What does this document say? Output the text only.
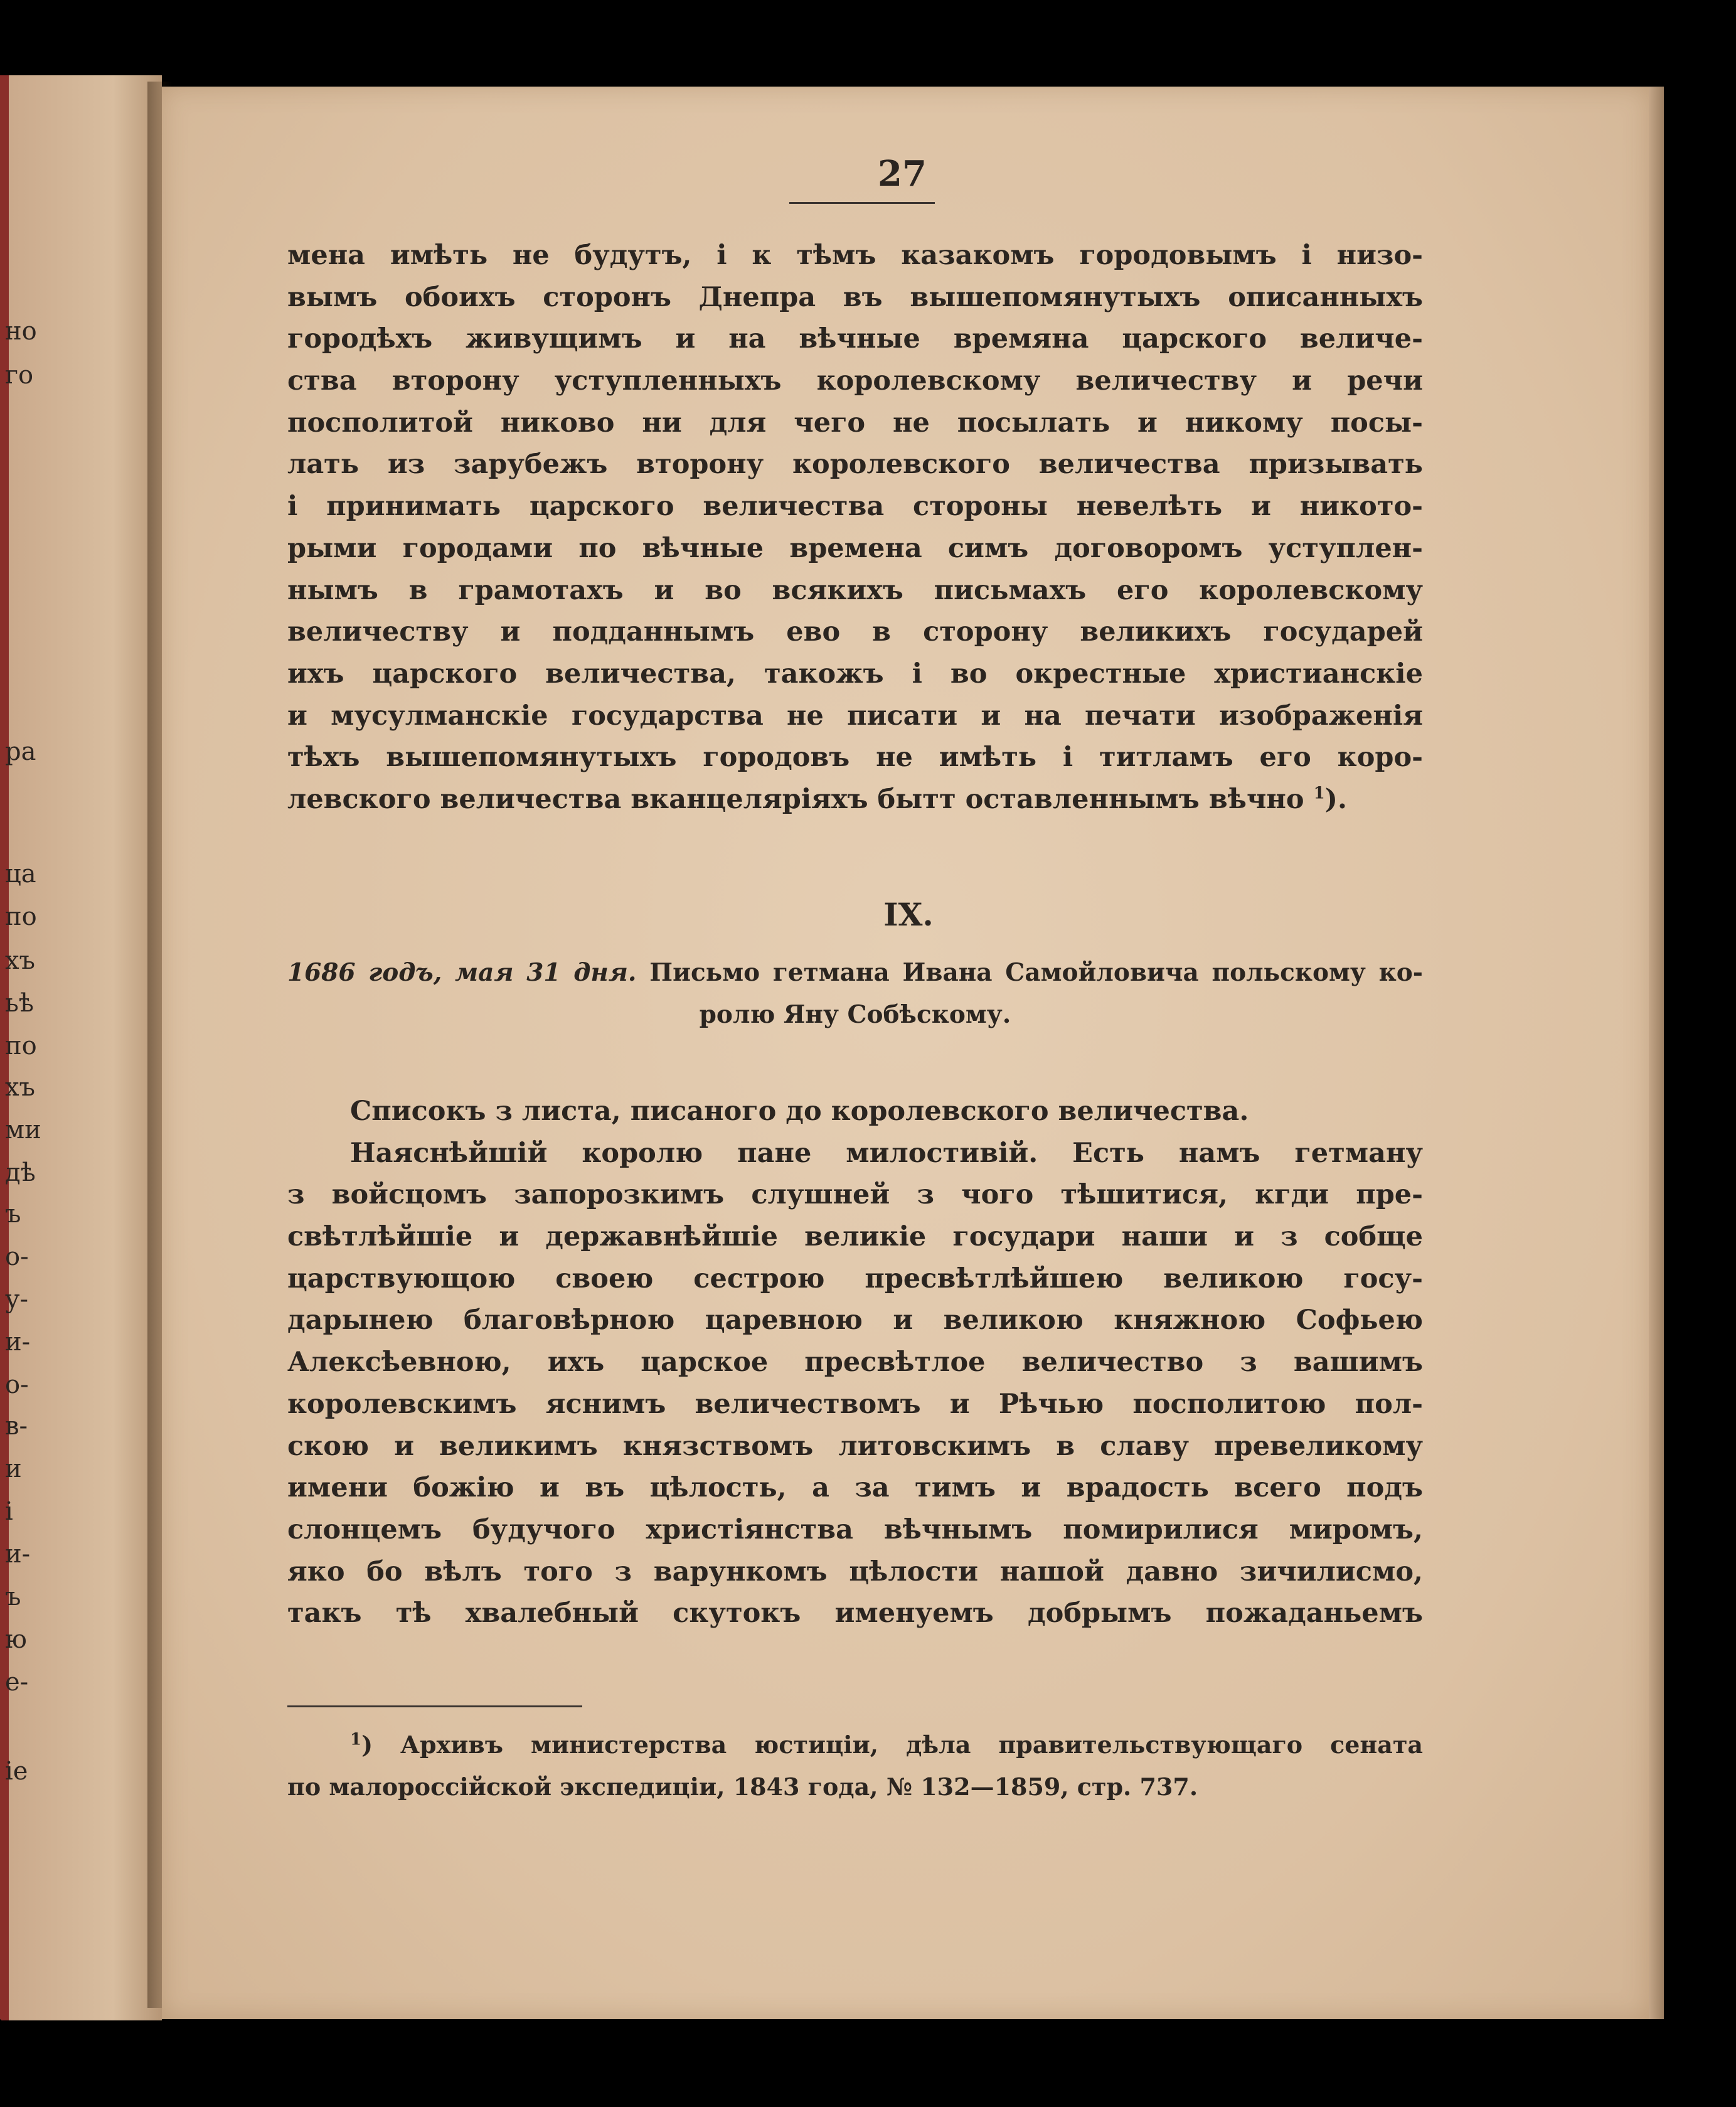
но
го
ра
ца
по
хъ
ьѣ
по
хъ
ми
дѣ
ъ
о-
у-
и-
о-
в-
и
і
и-
ъ
ю
е-
іе
27
мена имѣть не будутъ, і к тѣмъ казакомъ городовымъ і низо-
вымъ обоихъ сторонъ Днепра въ вышепомянутыхъ описанныхъ
городѣхъ живущимъ и на вѣчные времяна царского величе-
ства второну уступленныхъ королевскому величеству и речи
посполитой никово ни для чего не посылать и никому посы-
лать из зарубежъ второну королевского величества призывать
і принимать царского величества стороны невелѣть и никото-
рыми городами по вѣчные времена симъ договоромъ уступлен-
нымъ в грамотахъ и во всякихъ письмахъ его королевскому
величеству и подданнымъ ево в сторону великихъ государей
ихъ царского величества, такожъ і во окрестные христианскіе
и мусулманскіе государства не писати и на печати изображенія
тѣхъ вышепомянутыхъ городовъ не имѣть і титламъ его коро-
левского величества вканцеляріяхъ бытт оставленнымъ вѣчно $^1$).
IX.
1686 годъ, мая 31 дня. Письмо гетмана Ивана Самойловича польскому ко-
ролю Яну Собѣскому.
Списокъ з листа, писаного до королевского величества.
Наяснѣйшій королю пане милостивій. Есть намъ гетману
з войсцомъ запорозкимъ слушней з чого тѣшитися, кгди пре-
свѣтлѣйшіе и державнѣйшіе великіе государи наши и з собще
царствующою своею сестрою пресвѣтлѣйшею великою госу-
дарынею благовѣрною царевною и великою княжною Софьею
Алексѣевною, ихъ царское пресвѣтлое величество з вашимъ
королевскимъ яснимъ величествомъ и Рѣчью посполитою пол-
скою и великимъ князствомъ литовскимъ в славу превеликому
имени божію и въ цѣлость, а за тимъ и врадость всего подъ
слонцемъ будучого христіянства вѣчнымъ помирилися миромъ,
яко бо вѣлъ того з варункомъ цѣлости нашой давно зичилисмо,
такъ тѣ хвалебный скутокъ именуемъ добрымъ пожаданьемъ
$^1$) Архивъ министерства юстиціи, дѣла правительствующаго сената
по малороссійской экспедиціи, 1843 года, № 132—1859, стр. 737.
